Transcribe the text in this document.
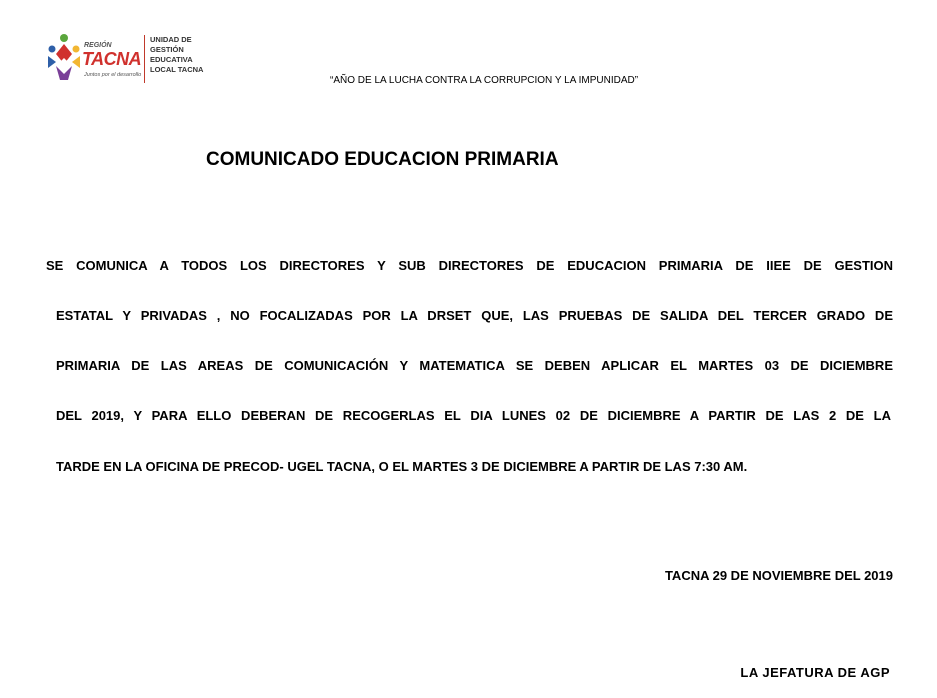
REGIÓN
TACNA
Juntos por el desarrollo
UNIDAD DE
GESTIÓN
EDUCATIVA
LOCAL TACNA
“AÑO DE LA LUCHA CONTRA LA CORRUPCION Y LA IMPUNIDAD”
COMUNICADO EDUCACION PRIMARIA
SE COMUNICA A TODOS LOS DIRECTORES Y SUB DIRECTORES DE EDUCACION PRIMARIA DE IIEE DE GESTION
ESTATAL Y PRIVADAS , NO FOCALIZADAS POR LA DRSET QUE, LAS PRUEBAS DE SALIDA DEL TERCER GRADO DE
PRIMARIA DE LAS AREAS DE COMUNICACIÓN Y MATEMATICA SE DEBEN APLICAR EL MARTES 03 DE DICIEMBRE
DEL 2019, Y PARA ELLO DEBERAN DE RECOGERLAS EL DIA LUNES 02 DE DICIEMBRE A PARTIR DE LAS 2 DE LA
TARDE EN LA OFICINA DE PRECOD- UGEL TACNA, O EL MARTES 3 DE DICIEMBRE A PARTIR DE LAS 7:30 AM.
TACNA 29 DE NOVIEMBRE DEL 2019
LA JEFATURA DE AGP
